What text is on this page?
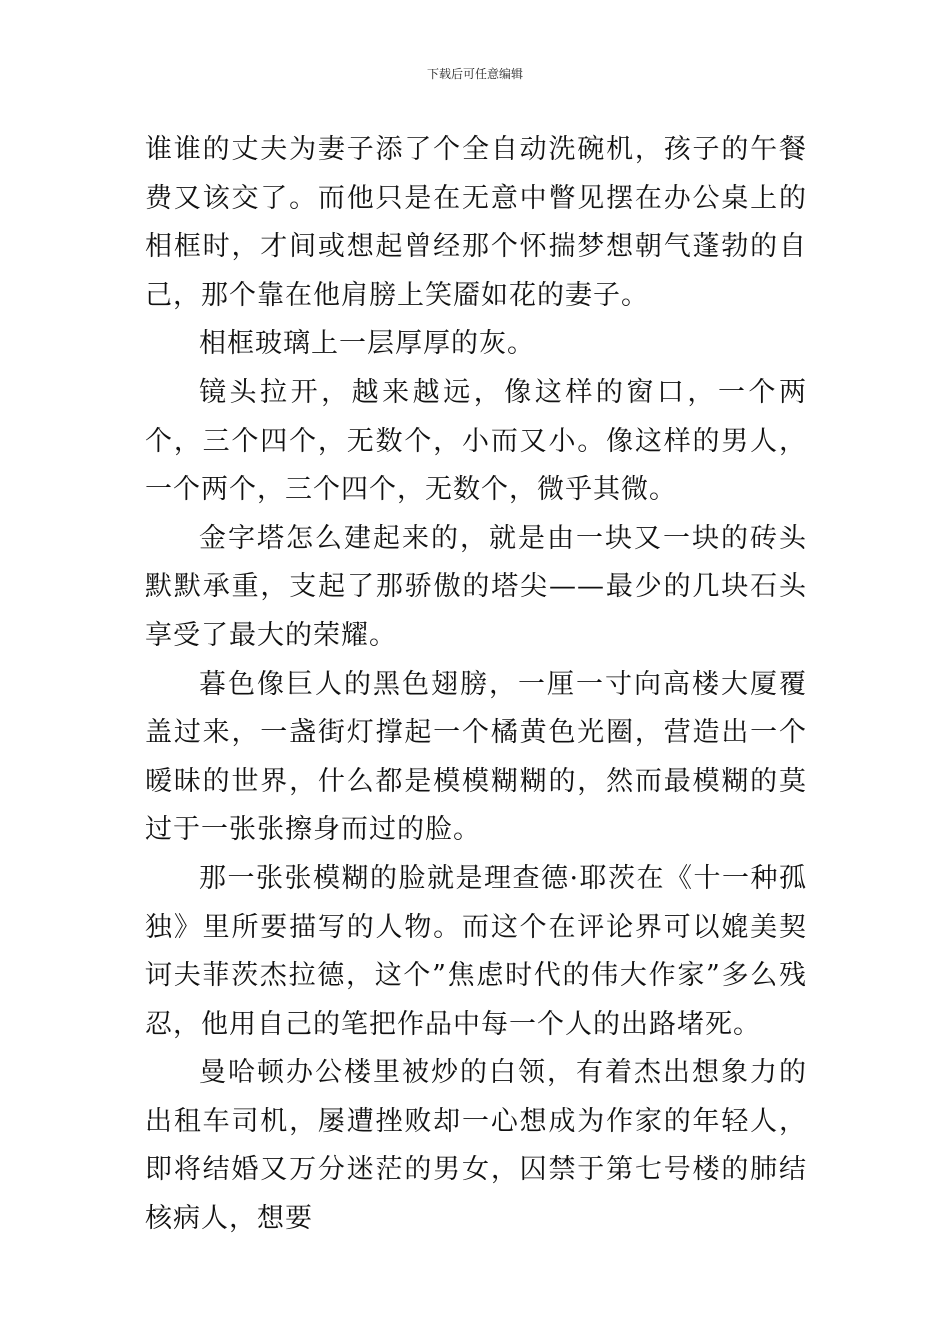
下载后可任意编辑

谁谁的丈夫为妻子添了个全自动洗碗机，孩子的午餐费又该交了。而他只是在无意中瞥见摆在办公桌上的相框时，才间或想起曾经那个怀揣梦想朝气蓬勃的自己，那个靠在他肩膀上笑靥如花的妻子。

相框玻璃上一层厚厚的灰。

镜头拉开，越来越远，像这样的窗口，一个两个，三个四个，无数个，小而又小。像这样的男人，一个两个，三个四个，无数个，微乎其微。

金字塔怎么建起来的，就是由一块又一块的砖头默默承重，支起了那骄傲的塔尖——最少的几块石头享受了最大的荣耀。

暮色像巨人的黑色翅膀，一厘一寸向高楼大厦覆盖过来，一盏街灯撑起一个橘黄色光圈，营造出一个暧昧的世界，什么都是模模糊糊的，然而最模糊的莫过于一张张擦身而过的脸。

那一张张模糊的脸就是理查德·耶茨在《十一种孤独》里所要描写的人物。而这个在评论界可以媲美契诃夫菲茨杰拉德，这个”焦虑时代的伟大作家”多么残忍，他用自己的笔把作品中每一个人的出路堵死。

曼哈顿办公楼里被炒的白领，有着杰出想象力的出租车司机，屡遭挫败却一心想成为作家的年轻人，即将结婚又万分迷茫的男女，囚禁于第七号楼的肺结核病人，想要
